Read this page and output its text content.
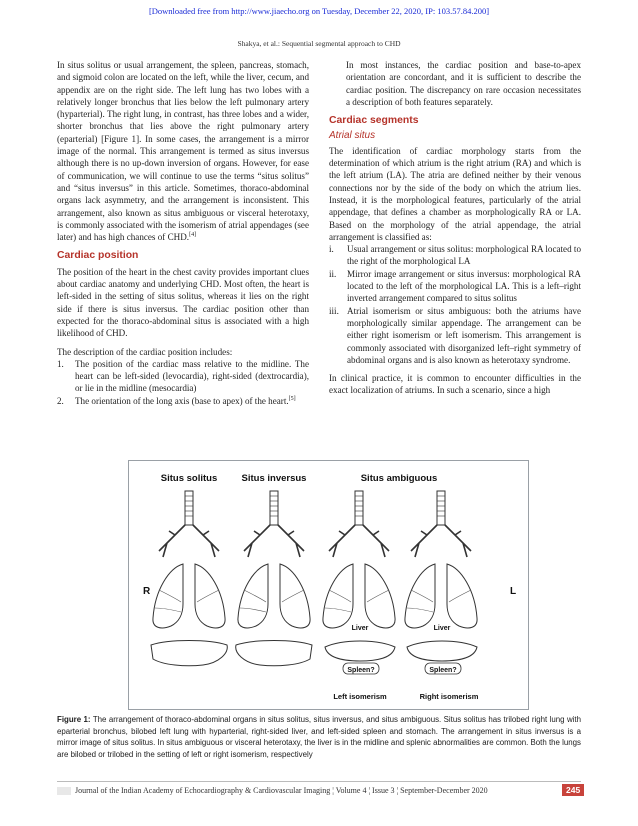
[Downloaded free from http://www.jiaecho.org on Tuesday, December 22, 2020, IP: 103.57.84.200]
Shakya, et al.: Sequential segmental approach to CHD

In situs solitus or usual arrangement, the spleen, pancreas, stomach, and sigmoid colon are located on the left, while the liver, cecum, and appendix are on the right side. The left lung has two lobes with a relatively longer bronchus that lies below the left pulmonary artery (hyparterial). The right lung, in contrast, has three lobes and a wider, shorter bronchus that lies above the right pulmonary artery (eparterial) [Figure 1]. In some cases, the arrangement is a mirror image of the normal. This arrangement is termed as situs inversus although there is no up-down inversion of organs. However, for ease of communication, we will continue to use the terms “situs solitus” and “situs inversus” in this article. Sometimes, thoraco-abdominal organs lack asymmetry, and the arrangement is inconsistent. This arrangement, also known as situs ambiguous or visceral heterotaxy, is commonly associated with the isomerism of atrial appendages (see later) and has high chances of CHD.[4]

Cardiac position

The position of the heart in the chest cavity provides important clues about cardiac anatomy and underlying CHD. Most often, the heart is left-sided in the setting of situs solitus, whereas it lies on the right side if there is situs inversus. The cardiac position other than expected for the thoraco-abdominal situs is associated with a high likelihood of CHD.

The description of the cardiac position includes:

1. The position of the cardiac mass relative to the midline. The heart can be left-sided (levocardia), right-sided (dextrocardia), or lie in the midline (mesocardia)
2. The orientation of the long axis (base to apex) of the heart.[5]

In most instances, the cardiac position and base-to-apex orientation are concordant, and it is sufficient to describe the cardiac position. The discrepancy on rare occasion necessitates a description of both features separately.

Cardiac segments
Atrial situs

The identification of cardiac morphology starts from the determination of which atrium is the right atrium (RA) and which is the left atrium (LA). The atria are defined neither by their venous connections nor by the side of the body on which the atrium lies. Instead, it is the morphological features, particularly of the atrial appendage, that defines a chamber as morphologically RA or LA. Based on the morphology of the atrial appendage, the atrial arrangement is classified as:

i. Usual arrangement or situs solitus: morphological RA located to the right of the morphological LA
ii. Mirror image arrangement or situs inversus: morphological RA located to the left of the morphological LA. This is a left–right inverted arrangement compared to situs solitus
iii. Atrial isomerism or situs ambiguous: both the atriums have morphologically similar appendage. The arrangement can be either right isomerism or left isomerism. This arrangement is commonly associated with disorganized left–right symmetry of abdominal organs and is also known as heterotaxy syndrome.

In clinical practice, it is common to encounter difficulties in the exact localization of atriums. In such a scenario, since a high

Situs solitus	Situs inversus	Situs ambiguous
R	L
Liver	Liver
Spleen?	Spleen?
Left isomerism	Right isomerism
Figure 1: The arrangement of thoraco-abdominal organs in situs solitus, situs inversus, and situs ambiguous. Situs solitus has trilobed right lung with eparterial bronchus, bilobed left lung with hyparterial, right-sided liver, and left-sided spleen and stomach. The arrangement in situs inversus is a mirror image of situs solitus. In situs ambiguous or visceral heterotaxy, the liver is in the midline and splenic abnormalities are common. Both the lungs are bilobed or trilobed in the setting of left or right isomerism, respectively
Journal of the Indian Academy of Echocardiography & Cardiovascular Imaging ¦ Volume 4 ¦ Issue 3 ¦ September-December 2020	245
